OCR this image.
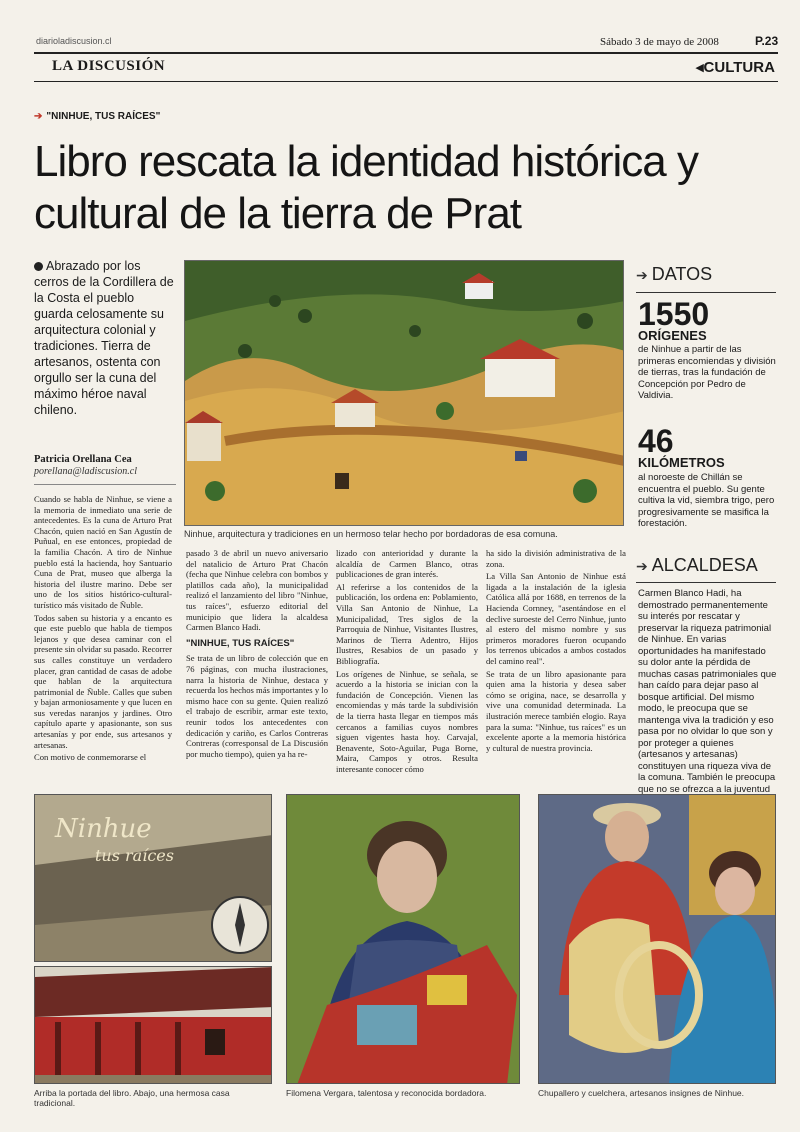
diarioladiscusion.cl	Sábado 3 de mayo de 2008	P.23
LA DISCUSIÓN	◂CULTURA
➔ "NINHUE, TUS RAÍCES"
Libro rescata la identidad histórica y cultural de la tierra de Prat
Abrazado por los cerros de la Cordillera de la Costa el pueblo guarda celosamente su arquitectura colonial y tradiciones. Tierra de artesanos, ostenta con orgullo ser la cuna del máximo héroe naval chileno.
Patricia Orellana Cea
porellana@ladiscusion.cl
Ninhue, arquitectura y tradiciones en un hermoso telar hecho por bordadoras de esa comuna.
➔ DATOS
1550
ORÍGENES
de Ninhue a partir de las primeras encomiendas y división de tierras, tras la fundación de Concepción por Pedro de Valdivia.
46
KILÓMETROS
al noroeste de Chillán se encuentra el pueblo. Su gente cultiva la vid, siembra trigo, pero progresivamente se masifica la forestación.
➔ ALCALDESA
Carmen Blanco Hadi, ha demostrado permanentemente su interés por rescatar y preservar la riqueza patrimonial de Ninhue. En varias oportunidades ha manifestado su dolor ante la pérdida de muchas casas patrimoniales que han caído para dejar paso al bosque artificial. Del mismo modo, le preocupa que se mantenga viva la tradición y eso pasa por no olvidar lo que son y por proteger a quienes (artesanos y artesanas) constituyen una riqueza viva de la comuna. También le preocupa que no se ofrezca a la juventud

Cuando se habla de Ninhue, se viene a la memoria de inmediato una serie de antecedentes. Es la cuna de Arturo Prat Chacón, quien nació en San Agustín de Puñual, en ese entonces, propiedad de la familia Chacón. A tiro de Ninhue pueblo está la hacienda, hoy Santuario Cuna de Prat, museo que alberga la historia del ilustre marino. Debe ser uno de los sitios histórico-cultural-turístico más visitado de Ñuble.

Todos saben su historia y a encanto es que este pueblo que habla de tiempos lejanos y que desea caminar con el presente sin olvidar su pasado. Recorrer sus calles constituye un verdadero placer, gran cantidad de casas de adobe que hablan de la arquitectura patrimonial de Ñuble. Calles que suben y bajan armoniosamente y que lucen en sus veredas naranjos y jardines. Otro capítulo aparte y apasionante, son sus artesanías y por ende, sus artesanos y artesanas.

Con motivo de conmemorarse el

pasado 3 de abril un nuevo aniversario del natalicio de Arturo Prat Chacón (fecha que Ninhue celebra con bombos y platillos cada año), la municipalidad realizó el lanzamiento del libro "Ninhue, tus raíces", esfuerzo editorial del municipio que lidera la alcaldesa Carmen Blanco Hadi.

"NINHUE, TUS RAÍCES"

Se trata de un libro de colección que en 76 páginas, con mucha ilustraciones, narra la historia de Ninhue, destaca y recuerda los hechos más importantes y lo mismo hace con su gente. Quien realizó el trabajo de escribir, armar este texto, reunir todos los antecedentes con dedicación y cariño, es Carlos Contreras Contreras (corresponsal de La Discusión por mucho tiempo), quien ya ha re-

lizado con anterioridad y durante la alcaldía de Carmen Blanco, otras publicaciones de gran interés.

Al referirse a los contenidos de la publicación, los ordena en: Poblamiento, Villa San Antonio de Ninhue, La Municipalidad, Tres siglos de la Parroquia de Ninhue, Visitantes Ilustres, Marinos de Tierra Adentro, Hijos Ilustres, Resabios de un pasado y Bibliografía.

Los orígenes de Ninhue, se señala, se acuerdo a la historia se inician con la fundación de Concepción. Vienen las encomiendas y más tarde la subdivisión de la tierra hasta llegar en tiempos más cercanos a familias cuyos nombres siguen vigentes hasta hoy. Carvajal, Benavente, Soto-Aguilar, Puga Borne, Maira, Campos y otros. Resulta interesante conocer cómo

ha sido la división administrativa de la zona.

La Villa San Antonio de Ninhue está ligada a la instalación de la iglesia Católica allá por 1688, en terrenos de la Hacienda Cornney, "asentándose en el declive suroeste del Cerro Ninhue, junto al estero del mismo nombre y sus primeros moradores fueron ocupando los terrenos ubicados a ambos costados del camino real".

Se trata de un libro apasionante para quien ama la historia y desea saber cómo se origina, nace, se desarrolla y vive una comunidad determinada. La ilustración merece también elogio. Raya para la suma: "Ninhue, tus raíces" es un excelente aporte a la memoria histórica y cultural de nuestra provincia.

Ninhue
tus raíces
Arriba la portada del libro. Abajo, una hermosa casa tradicional.
Filomena Vergara, talentosa y reconocida bordadora.	Chupallero y cuelchera, artesanos insignes de Ninhue.
